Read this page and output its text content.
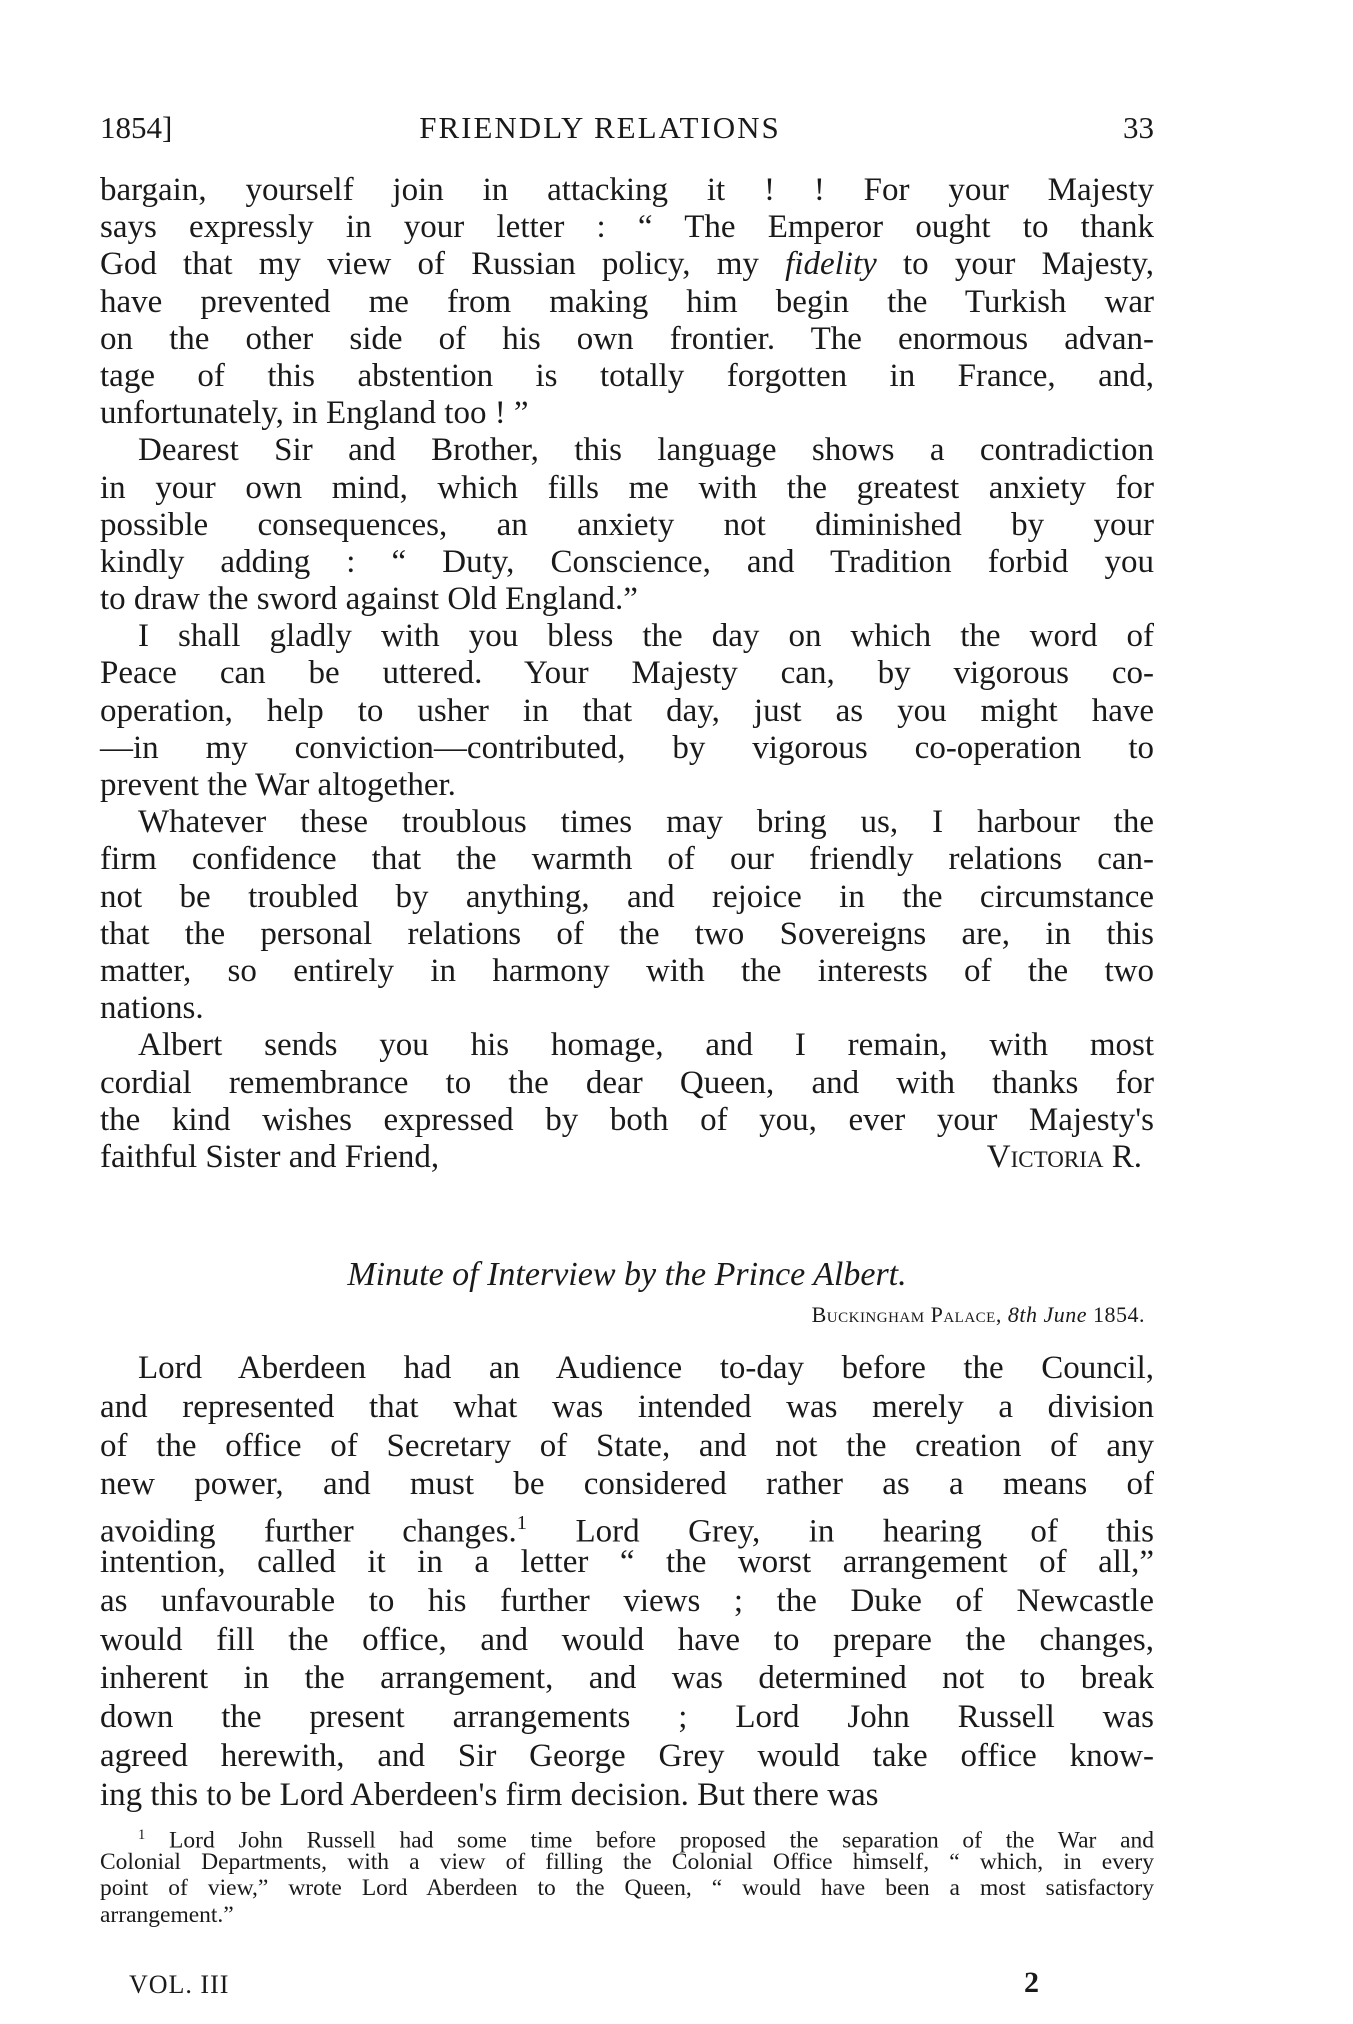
1854]	FRIENDLY RELATIONS	33
bargain, yourself join in attacking it ! ! For your Majesty
says expressly in your letter : “ The Emperor ought to thank
God that my view of Russian policy, my fidelity to your Majesty,
have prevented me from making him begin the Turkish war
on the other side of his own frontier. The enormous advan-
tage of this abstention is totally forgotten in France, and,
unfortunately, in England too ! ”
Dearest Sir and Brother, this language shows a contradiction
in your own mind, which fills me with the greatest anxiety for
possible consequences, an anxiety not diminished by your
kindly adding : “ Duty, Conscience, and Tradition forbid you
to draw the sword against Old England.”
I shall gladly with you bless the day on which the word of
Peace can be uttered. Your Majesty can, by vigorous co-
operation, help to usher in that day, just as you might have
—in my conviction—contributed, by vigorous co-operation to
prevent the War altogether.
Whatever these troublous times may bring us, I harbour the
firm confidence that the warmth of our friendly relations can-
not be troubled by anything, and rejoice in the circumstance
that the personal relations of the two Sovereigns are, in this
matter, so entirely in harmony with the interests of the two
nations.
Albert sends you his homage, and I remain, with most
cordial remembrance to the dear Queen, and with thanks for
the kind wishes expressed by both of you, ever your Majesty's
faithful Sister and Friend,	Victoria R.
Minute of Interview by the Prince Albert.
Buckingham Palace, 8th June 1854.
Lord Aberdeen had an Audience to-day before the Council,
and represented that what was intended was merely a division
of the office of Secretary of State, and not the creation of any
new power, and must be considered rather as a means of
avoiding further changes.$^1$ Lord Grey, in hearing of this
intention, called it in a letter “ the worst arrangement of all,”
as unfavourable to his further views ; the Duke of Newcastle
would fill the office, and would have to prepare the changes,
inherent in the arrangement, and was determined not to break
down the present arrangements ; Lord John Russell was
agreed herewith, and Sir George Grey would take office know-
ing this to be Lord Aberdeen's firm decision. But there was
$^1$ Lord John Russell had some time before proposed the separation of the War and
Colonial Departments, with a view of filling the Colonial Office himself, “ which, in every
point of view,” wrote Lord Aberdeen to the Queen, “ would have been a most satisfactory
arrangement.”
VOL. III	2
